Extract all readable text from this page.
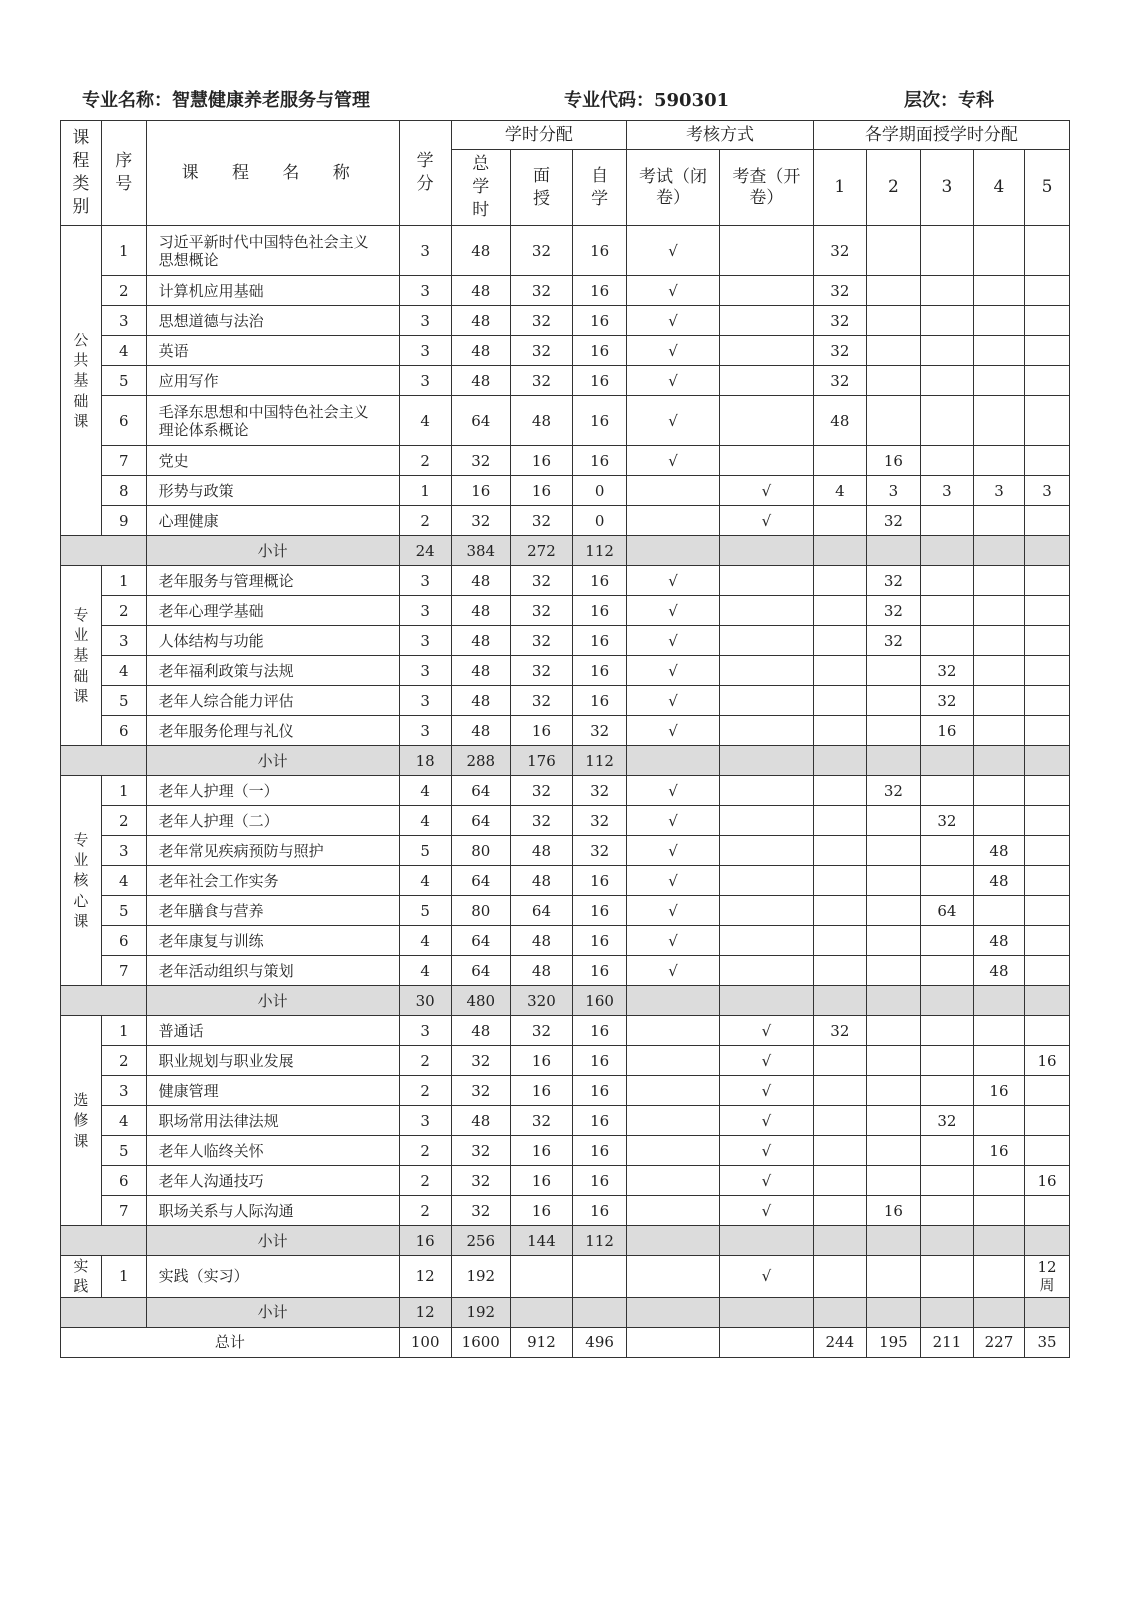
专业名称：智慧健康养老服务与管理	专业代码：590301	层次：专科
课程类别	序号	课 程 名 称	学分	学时分配			考核方式		各学期面授学时分配				

				总学时	面授	自学	考试（闭卷）	考查（开卷）	1	2	3	4	5

公共基础课	1	习近平新时代中国特色社会主义思想概论	3	48	32	16	√		32				

	2	计算机应用基础	3	48	32	16	√		32				

	3	思想道德与法治	3	48	32	16	√		32				

	4	英语	3	48	32	16	√		32				

	5	应用写作	3	48	32	16	√		32				

	6	毛泽东思想和中国特色社会主义理论体系概论	4	64	48	16	√		48				

	7	党史	2	32	16	16	√			16			

	8	形势与政策	1	16	16	0		√	4	3	3	3	3

	9	心理健康	2	32	32	0		√		32			

		小计	24	384	272	112							

专业基础课	1	老年服务与管理概论	3	48	32	16	√			32			

	2	老年心理学基础	3	48	32	16	√			32			

	3	人体结构与功能	3	48	32	16	√			32			

	4	老年福利政策与法规	3	48	32	16	√				32		

	5	老年人综合能力评估	3	48	32	16	√				32		

	6	老年服务伦理与礼仪	3	48	16	32	√				16		

		小计	18	288	176	112							

专业核心课	1	老年人护理（一）	4	64	32	32	√			32			

	2	老年人护理（二）	4	64	32	32	√				32		

	3	老年常见疾病预防与照护	5	80	48	32	√					48	

	4	老年社会工作实务	4	64	48	16	√					48	

	5	老年膳食与营养	5	80	64	16	√				64		

	6	老年康复与训练	4	64	48	16	√					48	

	7	老年活动组织与策划	4	64	48	16	√					48	

		小计	30	480	320	160							

选修课	1	普通话	3	48	32	16		√	32				

	2	职业规划与职业发展	2	32	16	16		√					16

	3	健康管理	2	32	16	16		√				16	

	4	职场常用法律法规	3	48	32	16		√			32		

	5	老年人临终关怀	2	32	16	16		√				16	

	6	老年人沟通技巧	2	32	16	16		√					16

	7	职场关系与人际沟通	2	32	16	16		√		16			

		小计	16	256	144	112							

实践	1	实践（实习）	12	192				√					12周

		小计	12	192									
总计			100	1600	912	496			244	195	211	227	35
